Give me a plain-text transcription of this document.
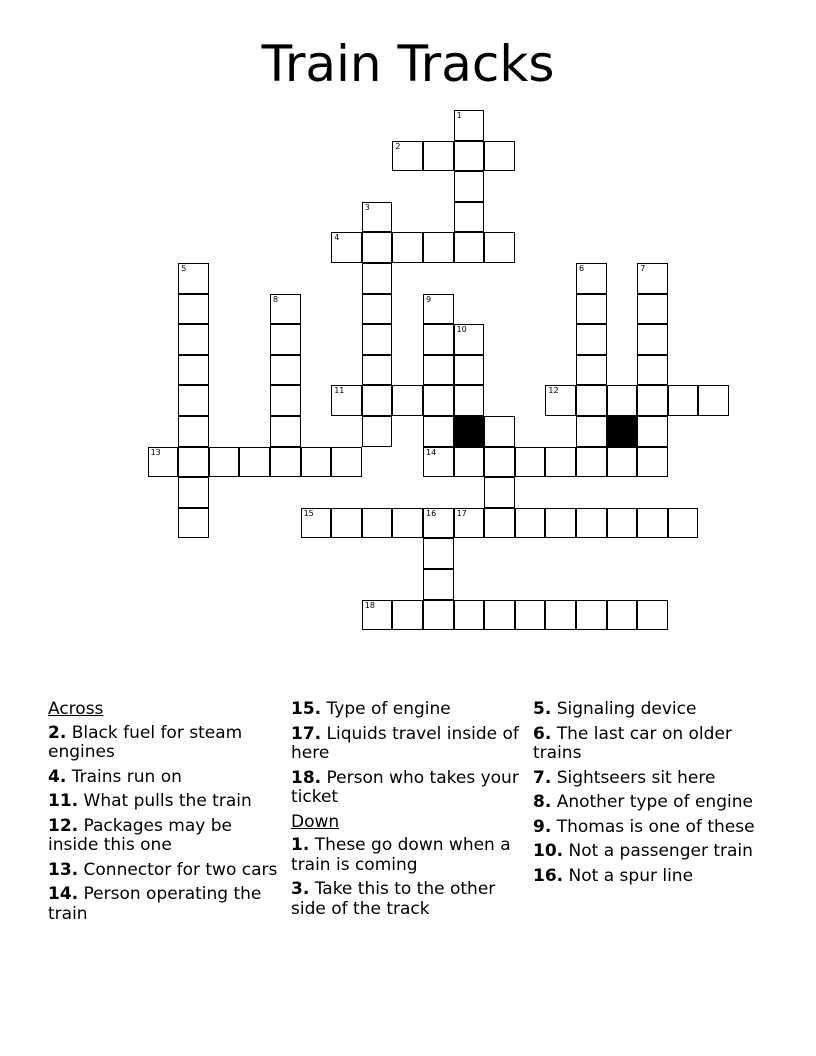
Train Tracks
1
2
3
4
5	6	7
8	9
10
11	12
13	14
15	16	17
18
Across
2. Black fuel for steam engines
4. Trains run on
11. What pulls the train
12. Packages may be inside this one
13. Connector for two cars
14. Person operating the train
15. Type of engine
17. Liquids travel inside of here
18. Person who takes your ticket
Down
1. These go down when a train is coming
3. Take this to the other side of the track
5. Signaling device
6. The last car on older trains
7. Sightseers sit here
8. Another type of engine
9. Thomas is one of these
10. Not a passenger train
16. Not a spur line
